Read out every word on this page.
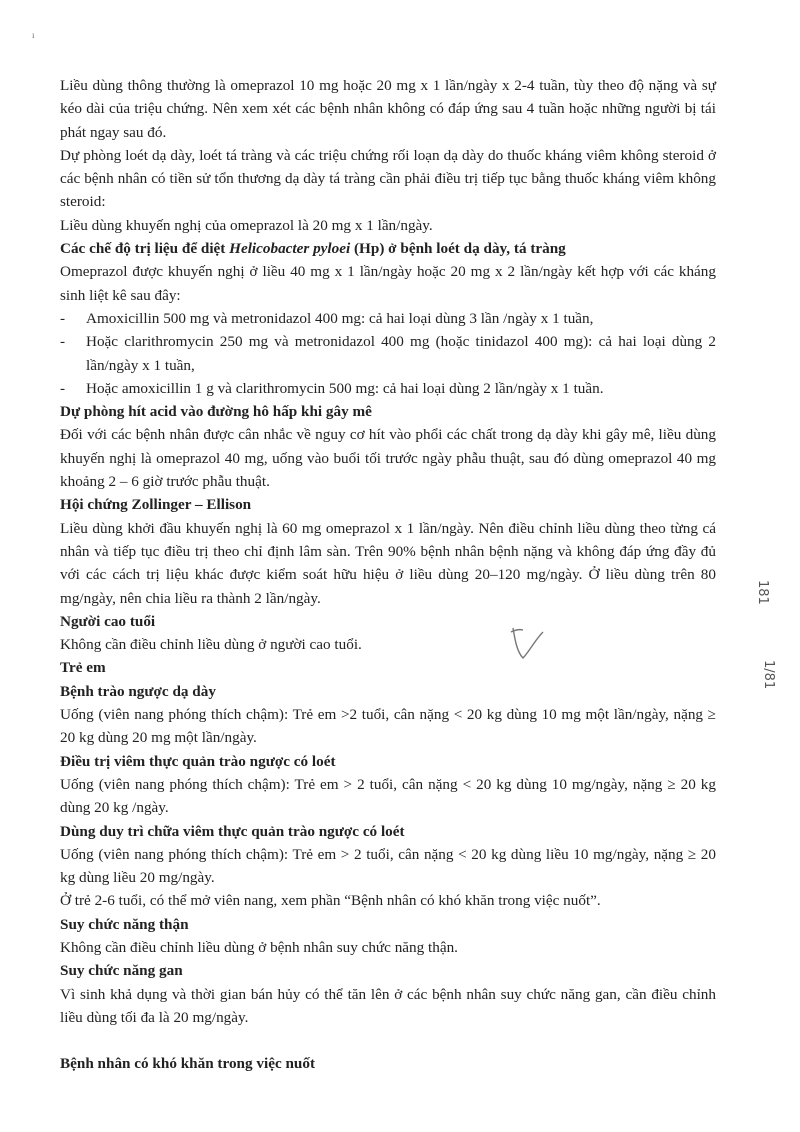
Liều dùng thông thường là omeprazol 10 mg hoặc 20 mg x 1 lần/ngày x 2-4 tuần, tùy theo độ nặng và sự kéo dài của triệu chứng. Nên xem xét các bệnh nhân không có đáp ứng sau 4 tuần hoặc những người bị tái phát ngay sau đó.

Dự phòng loét dạ dày, loét tá tràng và các triệu chứng rối loạn dạ dày do thuốc kháng viêm không steroid ở các bệnh nhân có tiền sử tổn thương dạ dày tá tràng cần phải điều trị tiếp tục bằng thuốc kháng viêm không steroid:

Liều dùng khuyến nghị của omeprazol là 20 mg x 1 lần/ngày.

Các chế độ trị liệu để diệt Helicobacter pyloei (Hp) ở bệnh loét dạ dày, tá tràng

Omeprazol được khuyến nghị ở liều 40 mg x 1 lần/ngày hoặc 20 mg x 2 lần/ngày kết hợp với các kháng sinh liệt kê sau đây:

-	Amoxicillin 500 mg và metronidazol 400 mg: cả hai loại dùng 3 lần /ngày x 1 tuần,
-	Hoặc clarithromycin 250 mg và metronidazol 400 mg (hoặc tinidazol 400 mg): cả hai loại dùng 2 lần/ngày x 1 tuần,
-	Hoặc amoxicillin 1 g và clarithromycin 500 mg: cả hai loại dùng 2 lần/ngày x 1 tuần.

Dự phòng hít acid vào đường hô hấp khi gây mê

Đối với các bệnh nhân được cân nhắc về nguy cơ hít vào phổi các chất trong dạ dày khi gây mê, liều dùng khuyến nghị là omeprazol 40 mg, uống vào buổi tối trước ngày phẫu thuật, sau đó dùng omeprazol 40 mg khoảng 2 – 6 giờ trước phẫu thuật.

Hội chứng Zollinger – Ellison

Liều dùng khởi đầu khuyến nghị là 60 mg omeprazol x 1 lần/ngày. Nên điều chỉnh liều dùng theo từng cá nhân và tiếp tục điều trị theo chỉ định lâm sàn. Trên 90% bệnh nhân bệnh nặng và không đáp ứng đầy đủ với các cách trị liệu khác được kiểm soát hữu hiệu ở liều dùng 20–120 mg/ngày. Ở liều dùng trên 80 mg/ngày, nên chia liều ra thành 2 lần/ngày.

Người cao tuổi

Không cần điều chỉnh liều dùng ở người cao tuổi.

Trẻ em

Bệnh trào ngược dạ dày

Uống (viên nang phóng thích chậm): Trẻ em >2 tuổi, cân nặng < 20 kg dùng 10 mg một lần/ngày, nặng ≥ 20 kg dùng 20 mg một lần/ngày.

Điều trị viêm thực quản trào ngược có loét

Uống (viên nang phóng thích chậm): Trẻ em > 2 tuổi, cân nặng < 20 kg dùng 10 mg/ngày, nặng ≥ 20 kg dùng 20 kg /ngày.

Dùng duy trì chữa viêm thực quản trào ngược có loét

Uống (viên nang phóng thích chậm): Trẻ em > 2 tuổi, cân nặng < 20 kg dùng liều 10 mg/ngày, nặng ≥ 20 kg dùng liều 20 mg/ngày.

Ở trẻ 2-6 tuổi, có thể mở viên nang, xem phần “Bệnh nhân có khó khăn trong việc nuốt”.

Suy chức năng thận

Không cần điều chỉnh liều dùng ở bệnh nhân suy chức năng thận.

Suy chức năng gan

Vì sinh khả dụng và thời gian bán hủy có thể tăn lên ở các bệnh nhân suy chức năng gan, cần điều chỉnh liều dùng tối đa là 20 mg/ngày.

Bệnh nhân có khó khăn trong việc nuốt

ı
181
1/81
